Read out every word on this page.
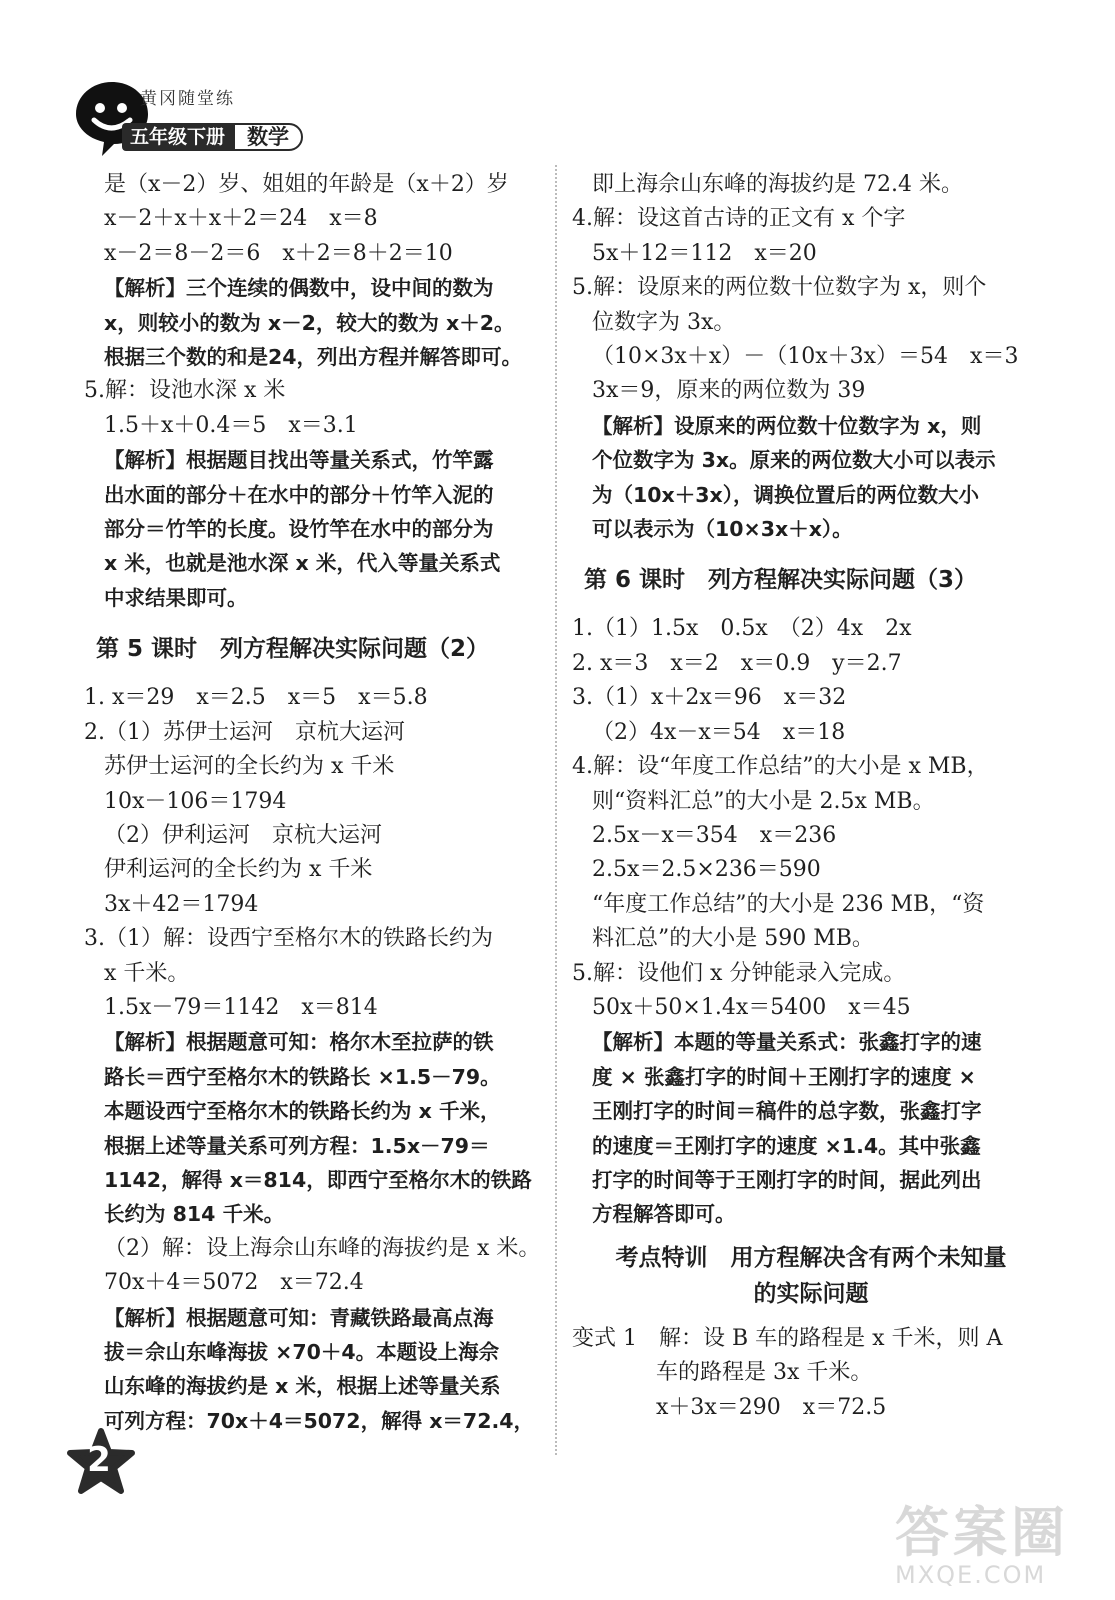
黄冈随堂练
五年级下册	数学
是（x－2）岁、姐姐的年龄是（x＋2）岁
x－2＋x＋x＋2＝24　x＝8
x－2＝8－2＝6　x＋2＝8＋2＝10
【解析】三个连续的偶数中，设中间的数为
x，则较小的数为 x－2，较大的数为 x＋2。
根据三个数的和是24，列出方程并解答即可。
5.解：设池水深 x 米
1.5＋x＋0.4＝5　x＝3.1
【解析】根据题目找出等量关系式，竹竿露
出水面的部分＋在水中的部分＋竹竿入泥的
部分＝竹竿的长度。设竹竿在水中的部分为
x 米，也就是池水深 x 米，代入等量关系式
中求结果即可。
第 5 课时　列方程解决实际问题（2）
1. x＝29　x＝2.5　x＝5　x＝5.8
2.（1）苏伊士运河　京杭大运河
苏伊士运河的全长约为 x 千米
10x－106＝1794
（2）伊利运河　京杭大运河
伊利运河的全长约为 x 千米
3x＋42＝1794
3.（1）解：设西宁至格尔木的铁路长约为
x 千米。
1.5x－79＝1142　x＝814
【解析】根据题意可知：格尔木至拉萨的铁
路长＝西宁至格尔木的铁路长 ×1.5－79。
本题设西宁至格尔木的铁路长约为 x 千米，
根据上述等量关系可列方程：1.5x－79＝
1142，解得 x＝814，即西宁至格尔木的铁路
长约为 814 千米。
（2）解：设上海佘山东峰的海拔约是 x 米。
70x＋4＝5072　x＝72.4
【解析】根据题意可知：青藏铁路最高点海
拔＝佘山东峰海拔 ×70＋4。本题设上海佘
山东峰的海拔约是 x 米，根据上述等量关系
可列方程：70x＋4＝5072，解得 x＝72.4，
即上海佘山东峰的海拔约是 72.4 米。
4.解：设这首古诗的正文有 x 个字
5x＋12＝112　x＝20
5.解：设原来的两位数十位数字为 x，则个
位数字为 3x。
（10×3x＋x）－（10x＋3x）＝54　x＝3
3x＝9，原来的两位数为 39
【解析】设原来的两位数十位数字为 x，则
个位数字为 3x。原来的两位数大小可以表示
为（10x＋3x），调换位置后的两位数大小
可以表示为（10×3x＋x）。
第 6 课时　列方程解决实际问题（3）
1.（1）1.5x　0.5x　（2）4x　2x
2. x＝3　x＝2　x＝0.9　y＝2.7
3.（1）x＋2x＝96　x＝32
（2）4x－x＝54　x＝18
4.解：设“年度工作总结”的大小是 x MB，
则“资料汇总”的大小是 2.5x MB。
2.5x－x＝354　x＝236
2.5x＝2.5×236＝590
“年度工作总结”的大小是 236 MB，“资
料汇总”的大小是 590 MB。
5.解：设他们 x 分钟能录入完成。
50x＋50×1.4x＝5400　x＝45
【解析】本题的等量关系式：张鑫打字的速
度 × 张鑫打字的时间＋王刚打字的速度 ×
王刚打字的时间＝稿件的总字数，张鑫打字
的速度＝王刚打字的速度 ×1.4。其中张鑫
打字的时间等于王刚打字的时间，据此列出
方程解答即可。
考点特训　用方程解决含有两个未知量
的实际问题
变式 1　解：设 B 车的路程是 x 千米，则 A
车的路程是 3x 千米。
x＋3x＝290　x＝72.5
2
答案圈
MXQE.COM
